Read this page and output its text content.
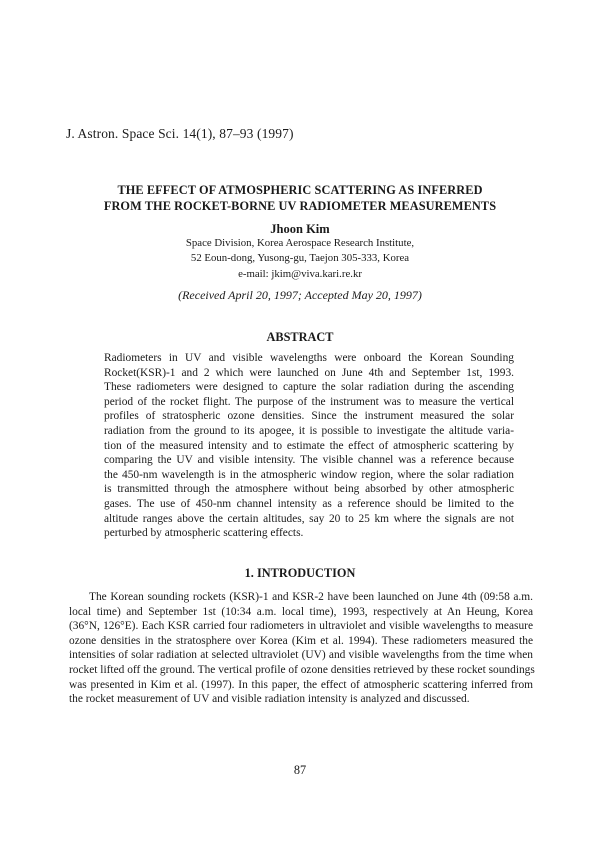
J. Astron. Space Sci. 14(1), 87–93 (1997)
THE EFFECT OF ATMOSPHERIC SCATTERING AS INFERRED
FROM THE ROCKET-BORNE UV RADIOMETER MEASUREMENTS
Jhoon Kim
Space Division, Korea Aerospace Research Institute,
52 Eoun-dong, Yusong-gu, Taejon 305-333, Korea
e-mail: jkim@viva.kari.re.kr
(Received April 20, 1997; Accepted May 20, 1997)
ABSTRACT
Radiometers in UV and visible wavelengths were onboard the Korean Sounding
Rocket(KSR)-1 and 2 which were launched on June 4th and September 1st, 1993.
These radiometers were designed to capture the solar radiation during the ascending
period of the rocket flight. The purpose of the instrument was to measure the vertical
profiles of stratospheric ozone densities. Since the instrument measured the solar
radiation from the ground to its apogee, it is possible to investigate the altitude varia-
tion of the measured intensity and to estimate the effect of atmospheric scattering by
comparing the UV and visible intensity. The visible channel was a reference because
the 450-nm wavelength is in the atmospheric window region, where the solar radiation
is transmitted through the atmosphere without being absorbed by other atmospheric
gases. The use of 450-nm channel intensity as a reference should be limited to the
altitude ranges above the certain altitudes, say 20 to 25 km where the signals are not
perturbed by atmospheric scattering effects.
1. INTRODUCTION
The Korean sounding rockets (KSR)-1 and KSR-2 have been launched on June 4th (09:58 a.m.
local time) and September 1st (10:34 a.m. local time), 1993, respectively at An Heung, Korea
(36°N, 126°E). Each KSR carried four radiometers in ultraviolet and visible wavelengths to measure
ozone densities in the stratosphere over Korea (Kim et al. 1994). These radiometers measured the
intensities of solar radiation at selected ultraviolet (UV) and visible wavelengths from the time when
rocket lifted off the ground. The vertical profile of ozone densities retrieved by these rocket soundings
was presented in Kim et al. (1997). In this paper, the effect of atmospheric scattering inferred from
the rocket measurement of UV and visible radiation intensity is analyzed and discussed.
87
